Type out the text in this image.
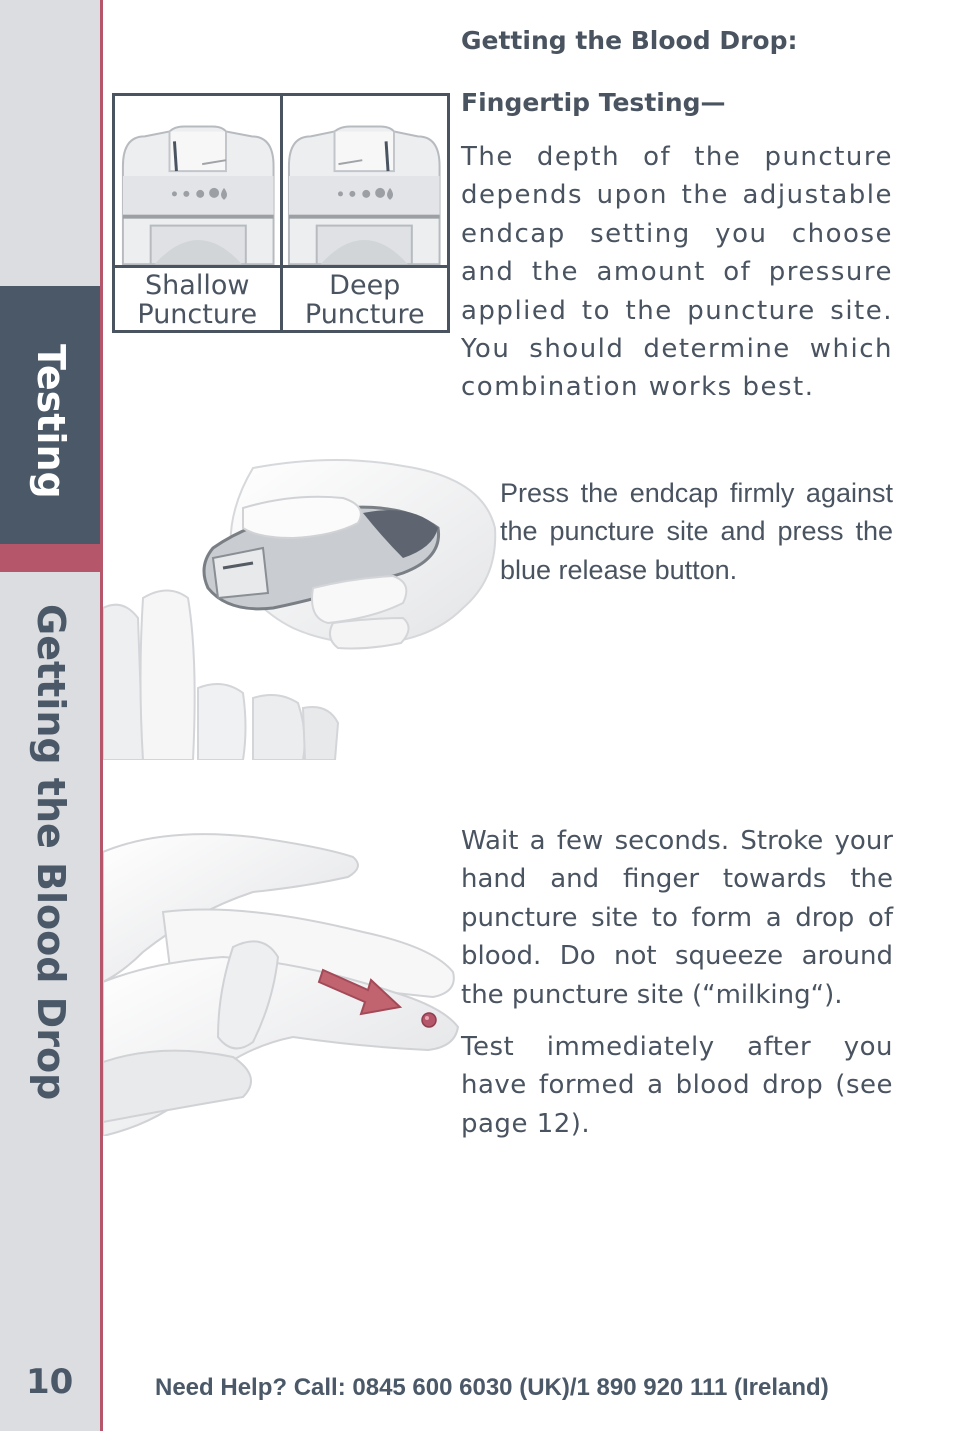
Testing
Getting the Blood Drop
10
Getting the Blood Drop:
Fingertip Testing—
Shallow
Puncture
Deep
Puncture
The depth of the puncture depends upon the adjustable endcap setting you choose and the amount of pressure applied to the puncture site. You should determine which combination works best.
Press the endcap firmly against the puncture site and press the blue release button.
Wait a few seconds. Stroke your hand and finger towards the puncture site to form a drop of blood. Do not squeeze around the puncture site (“milking“).
Test immediately after you have formed a blood drop (see page 12).
Need Help? Call: 0845 600 6030 (UK)/1 890 920 111 (Ireland)
